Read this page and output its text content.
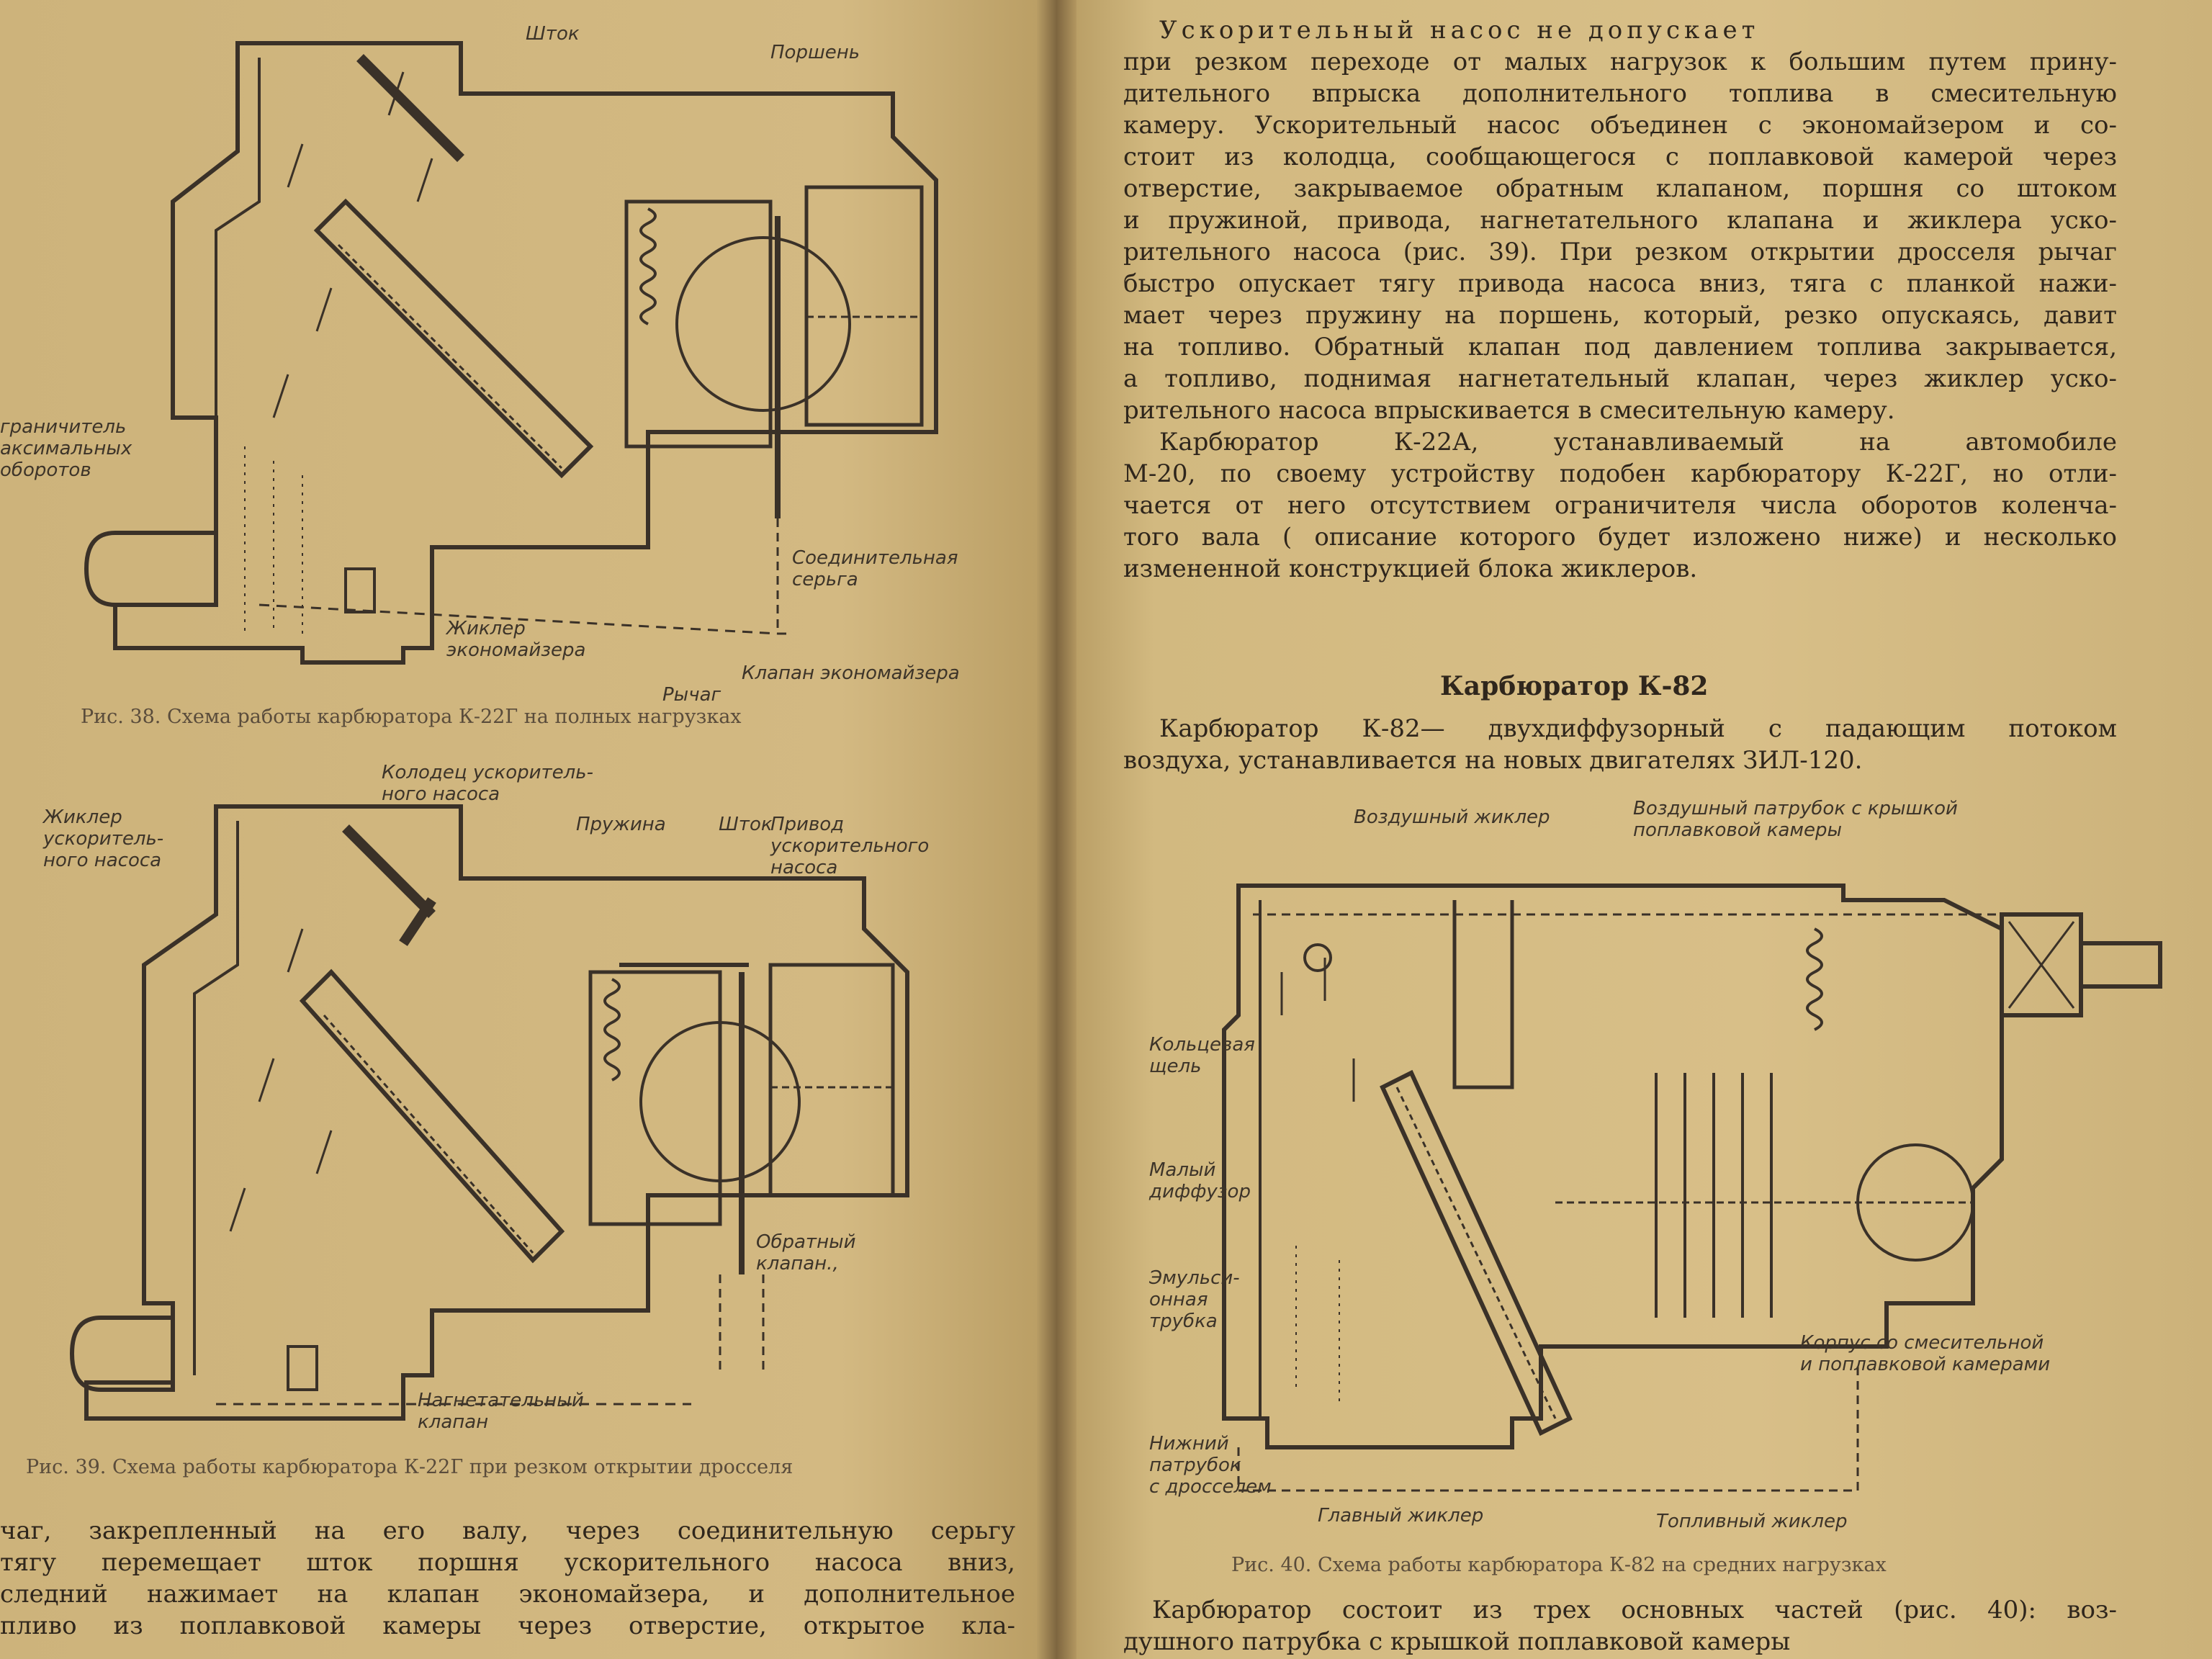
Шток
Поршень
граничитель
аксимальных
оборотов
Соединительная
серьга
Жиклер
экономайзера
Клапан экономайзера
Рычаг
Рис. 38. Схема работы карбюратора К-22Г на полных нагрузках
Колодец ускоритель-
ного насоса
Пружина	Шток
Привод
ускорительного
насоса
Жиклер
ускоритель-
ного насоса
Обратный
клапан.,
Нагнетательный
клапан
Рис. 39. Схема работы карбюратора К-22Г при резком открытии дросселя

чаг, закрепленный на его валу, через соединительную серьгу

тягу перемещает шток поршня ускорительного насоса вниз,

следний нажимает на клапан экономайзера, и дополнительное

пливо из поплавковой камеры через отверстие, открытое кла-

Ускорительный насос не допускает

при резком переходе от малых нагрузок к большим путем прину-

дительного впрыска дополнительного топлива в смесительную

камеру. Ускорительный насос объединен с экономайзером и со-

стоит из колодца, сообщающегося с поплавковой камерой через

отверстие, закрываемое обратным клапаном, поршня со штоком

и пружиной, привода, нагнетательного клапана и жиклера уско-

рительного насоса (рис. 39). При резком открытии дросселя рычаг

быстро опускает тягу привода насоса вниз, тяга с планкой нажи-

мает через пружину на поршень, который, резко опускаясь, давит

на топливо. Обратный клапан под давлением топлива закрывается,

а топливо, поднимая нагнетательный клапан, через жиклер уско-

рительного насоса впрыскивается в смесительную камеру.

Карбюратор К-22А, устанавливаемый на автомобиле

М-20, по своему устройству подобен карбюратору К-22Г, но отли-

чается от него отсутствием ограничителя числа оборотов коленча-

того вала ( описание которого будет изложено ниже) и несколько

измененной конструкцией блока жиклеров.

Карбюратор К-82

Карбюратор К-82— двухдиффузорный с падающим потоком

воздуха, устанавливается на новых двигателях ЗИЛ-120.

Воздушный жиклер	Воздушный патрубок с крышкой
поплавковой камеры
Кольцевая
щель
Малый
диффузор
Эмульси-
онная
трубка
Нижний
патрубок
с дросселем
Главный жиклер	Топливный жиклер
Корпус со смесительной
и поплавковой камерами
Рис. 40. Схема работы карбюратора К-82 на средних нагрузках

Карбюратор состоит из трех основных частей (рис. 40): воз-

душного патрубка с крышкой поплавковой камеры
